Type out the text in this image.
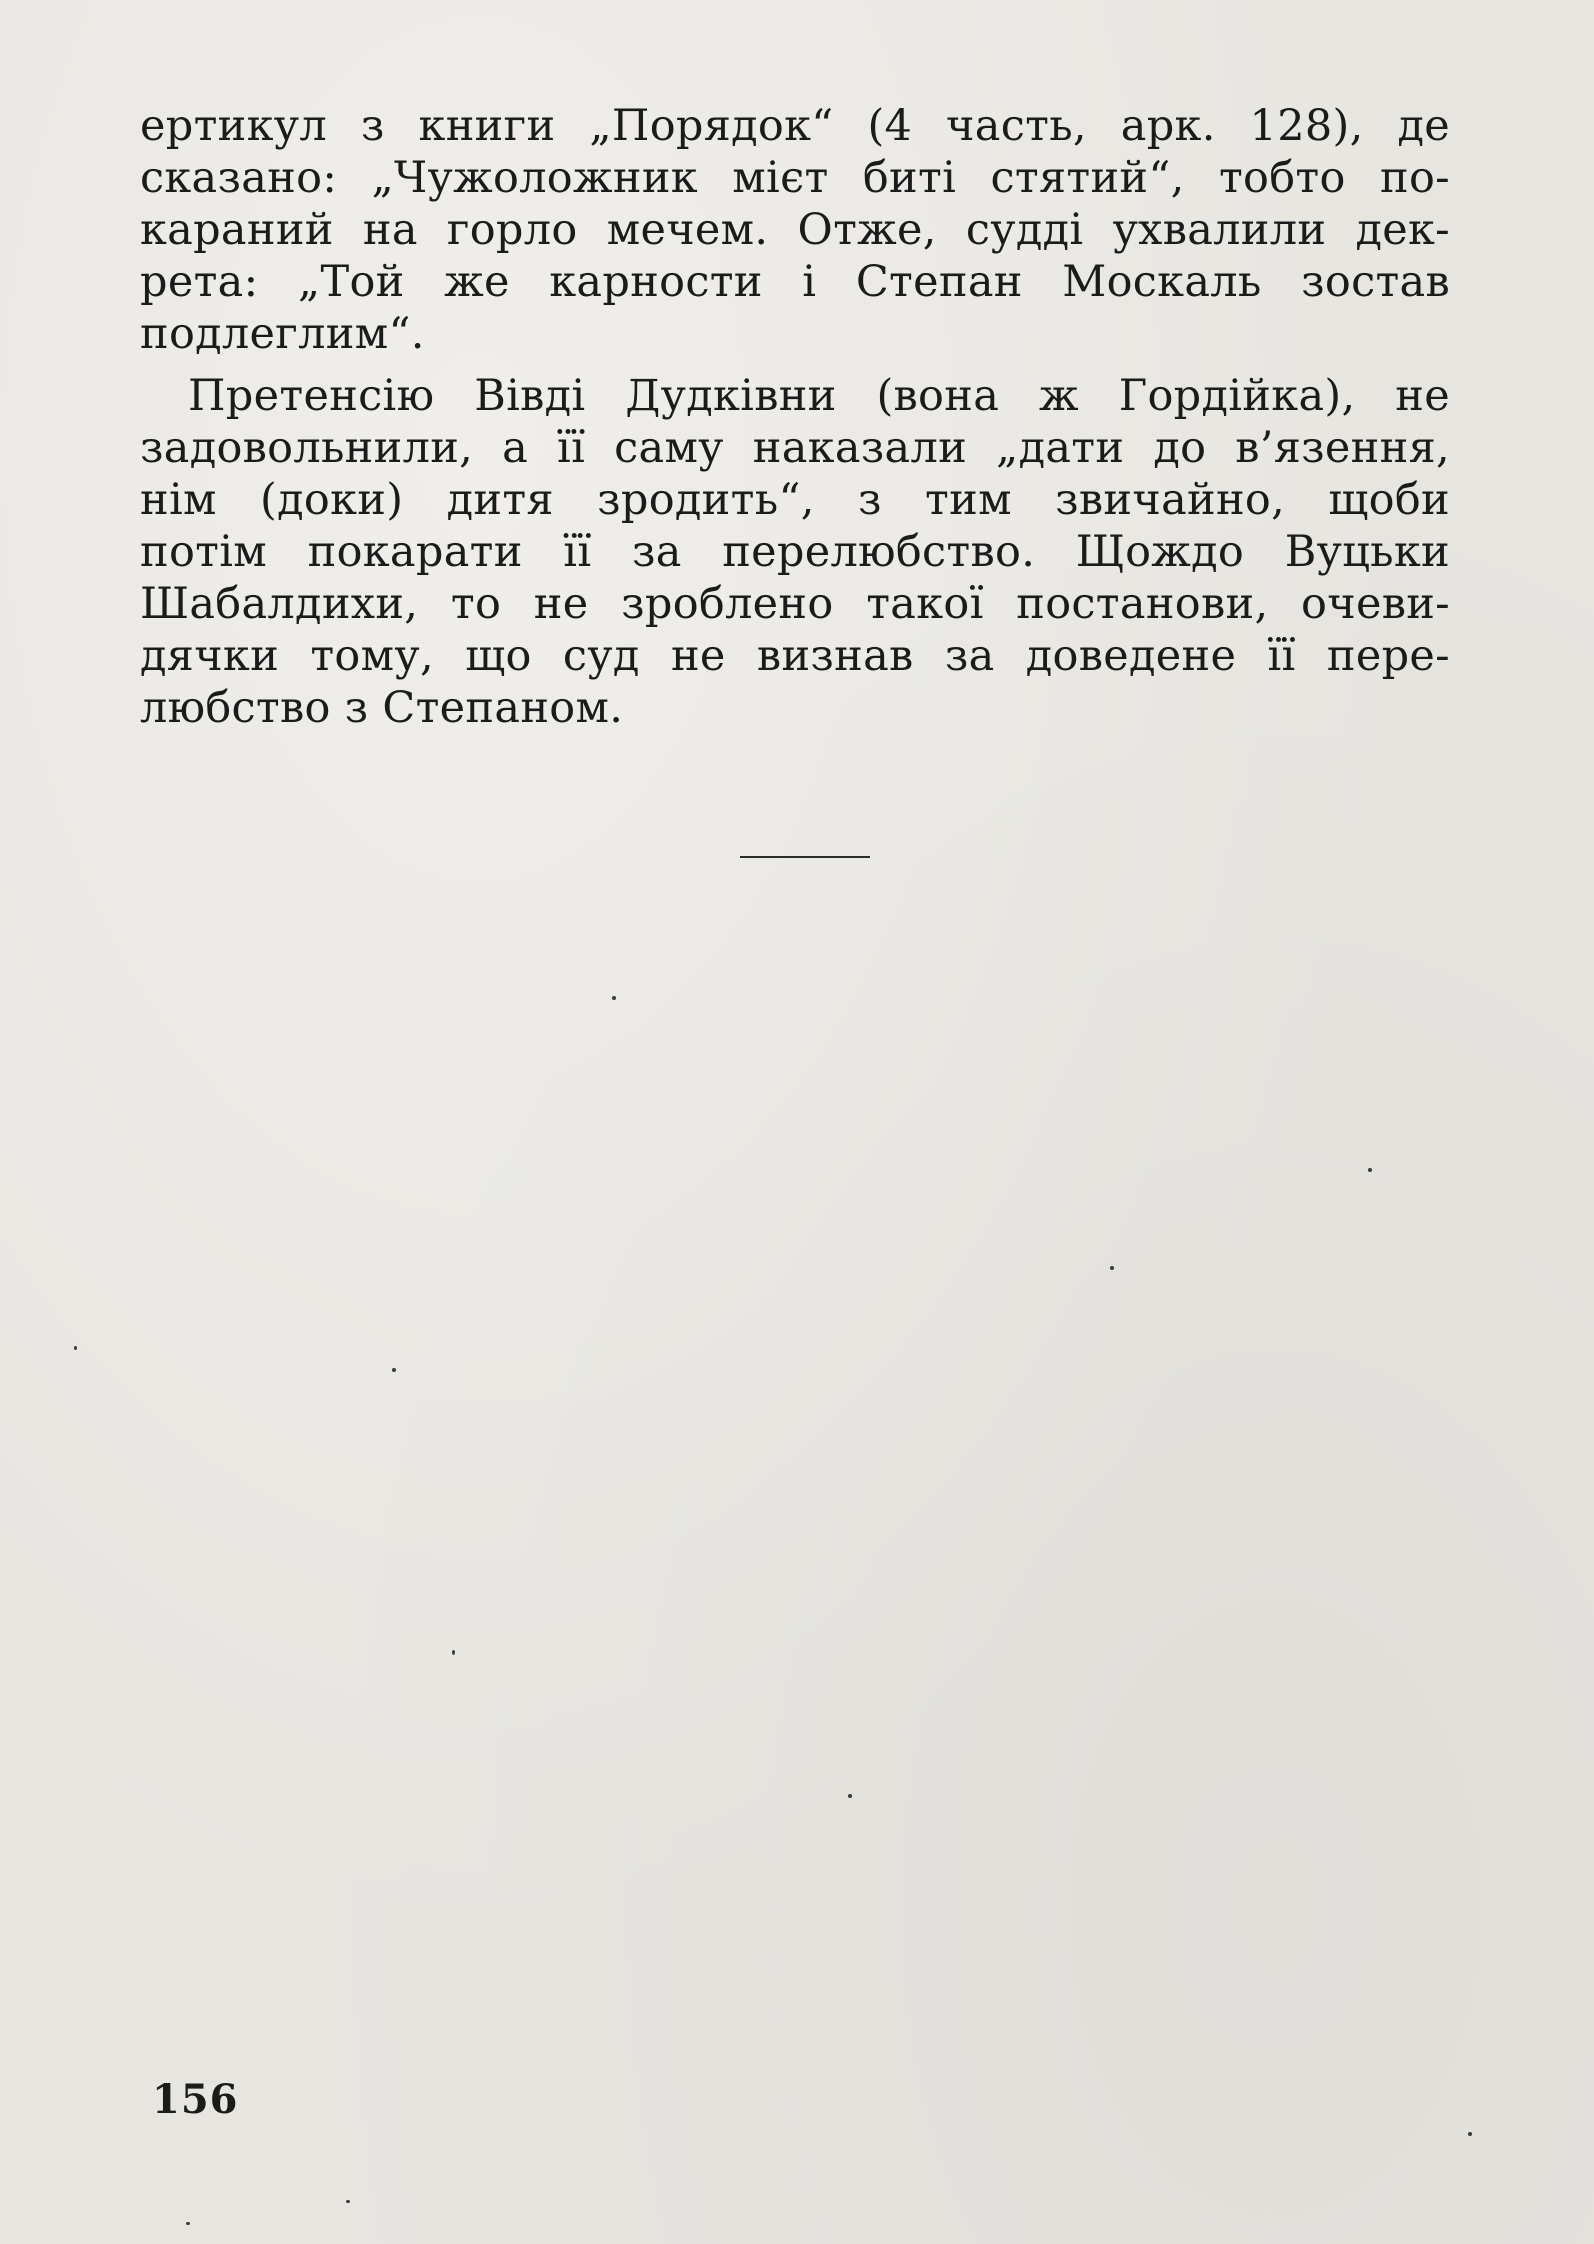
ертикул з книги „Порядок“ (4 часть, арк. 128), де
сказано: „Чужоложник мієт биті стятий“, тобто по-
караний на горло мечем. Отже, судді ухвалили дек-
рета: „Той же карности і Степан Москаль зостав
подлеглим“.
Претенсію Вівді Дудківни (вона ж Гордійка), не
задовольнили, а її саму наказали „дати до в’язення,
нім (доки) дитя зродить“, з тим звичайно, щоби
потім покарати її за перелюбство. Щождо Вуцьки
Шабалдихи, то не зроблено такої постанови, очеви-
дячки тому, що суд не визнав за доведене її пере-
любство з Степаном.
156
